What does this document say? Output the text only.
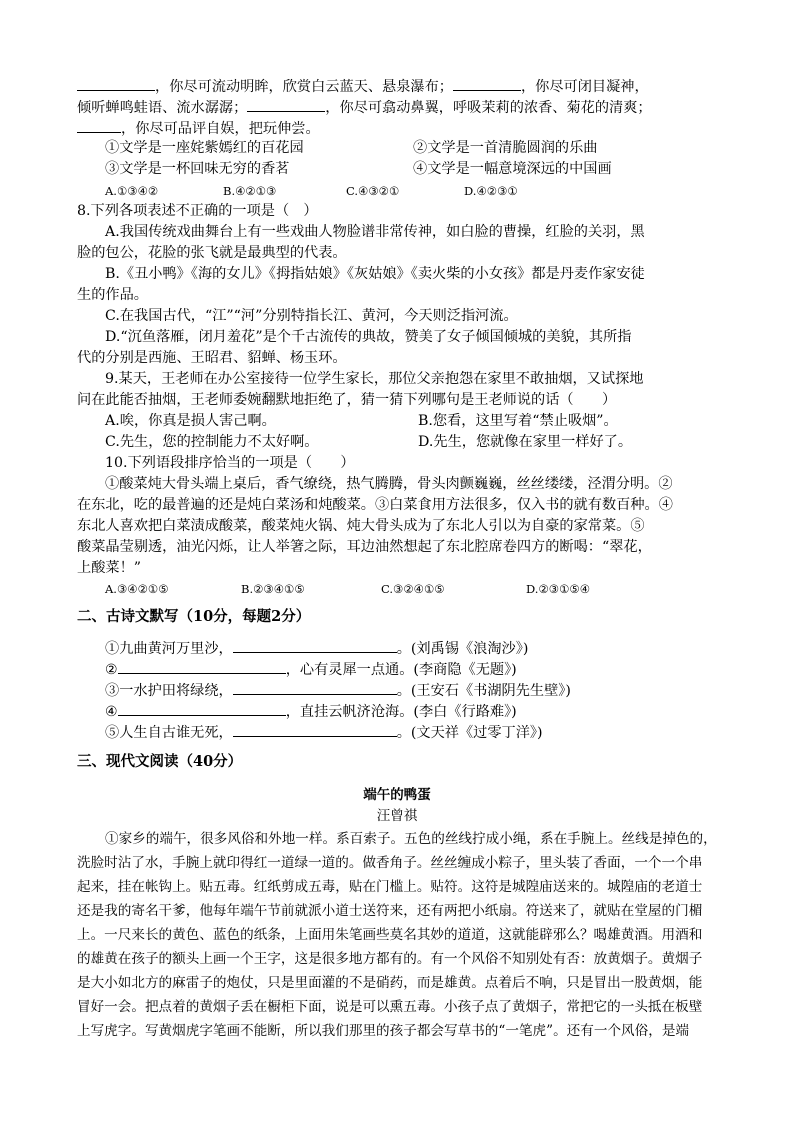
，你尽可流动明眸，欣赏白云蓝天、悬泉瀑布；	，你尽可闭目凝神，
倾听蝉鸣蛙语、流水潺潺；	，你尽可翕动鼻翼，呼吸茉莉的浓香、菊花的清爽；
，你尽可品评自娱，把玩伸尝。
①文学是一座姹紫嫣红的百花园	②文学是一首清脆圆润的乐曲
③文学是一杯回味无穷的香茗	④文学是一幅意境深远的中国画
A.①③④②	B.④②①③	C.④③②①	D.④②③①
8.下列各项表述不正确的一项是（　）
A.我国传统戏曲舞台上有一些戏曲人物脸谱非常传神，如白脸的曹操，红脸的关羽，黑
脸的包公，花脸的张飞就是最典型的代表。
B.《丑小鸭》《海的女儿》《拇指姑娘》《灰姑娘》《卖火柴的小女孩》都是丹麦作家安徒
生的作品。
C.在我国古代，“江”“河”分别特指长江、黄河，今天则泛指河流。
D.“沉鱼落雁，闭月羞花”是个千古流传的典故，赞美了女子倾国倾城的美貌，其所指
代的分别是西施、王昭君、貂蝉、杨玉环。
9.某天，王老师在办公室接待一位学生家长，那位父亲抱怨在家里不敢抽烟，又试探地
问在此能否抽烟，王老师委婉翻默地拒绝了，猜一猜下列哪句是王老师说的话（　　）
A.唉，你真是损人害己啊。	B.您看，这里写着“禁止吸烟”。
C.先生，您的控制能力不太好啊。	D.先生，您就像在家里一样好了。
10.下列语段排序恰当的一项是（　　）
①酸菜炖大骨头端上桌后，香气缭绕，热气腾腾，骨头肉颤巍巍，丝丝缕缕，泾渭分明。②
在东北，吃的最普遍的还是炖白菜汤和炖酸菜。③白菜食用方法很多，仅入书的就有数百种。④
东北人喜欢把白菜渍成酸菜，酸菜炖火锅、炖大骨头成为了东北人引以为自豪的家常菜。⑤
酸菜晶莹剔透，油光闪烁，让人举箸之际，耳边油然想起了东北腔席卷四方的断喝：“翠花，
上酸菜！”
A.③④②①⑤	B.②③④①⑤	C.③②④①⑤	D.②③①⑤④
二、古诗文默写（10分，每题2分）
①九曲黄河万里沙，	。(刘禹锡《浪淘沙》)
②	，心有灵犀一点通。(李商隐《无题》)
③一水护田将绿绕，	。(王安石《书湖阴先生壁》)
④	，直挂云帆济沧海。(李白《行路难》)
⑤人生自古谁无死，	。(文天祥《过零丁洋》)
三、现代文阅读（40分）
端午的鸭蛋
汪曾祺
①家乡的端午，很多风俗和外地一样。系百索子。五色的丝线拧成小绳，系在手腕上。丝线是掉色的，
洗脸时沾了水，手腕上就印得红一道绿一道的。做香角子。丝丝缠成小粽子，里头装了香面，一个一个串
起来，挂在帐钩上。贴五毒。红纸剪成五毒，贴在门槛上。贴符。这符是城隍庙送来的。城隍庙的老道士
还是我的寄名干爹，他每年端午节前就派小道士送符来，还有两把小纸扇。符送来了，就贴在堂屋的门楣
上。一尺来长的黄色、蓝色的纸条，上面用朱笔画些莫名其妙的道道，这就能辟邪么？喝雄黄酒。用酒和
的雄黄在孩子的额头上画一个王字，这是很多地方都有的。有一个风俗不知别处有否：放黄烟子。黄烟子
是大小如北方的麻雷子的炮仗，只是里面灌的不是硝药，而是雄黄。点着后不响，只是冒出一股黄烟，能
冒好一会。把点着的黄烟子丢在橱柜下面，说是可以熏五毒。小孩子点了黄烟子，常把它的一头抵在板壁
上写虎字。写黄烟虎字笔画不能断，所以我们那里的孩子都会写草书的“一笔虎”。还有一个风俗，是端
